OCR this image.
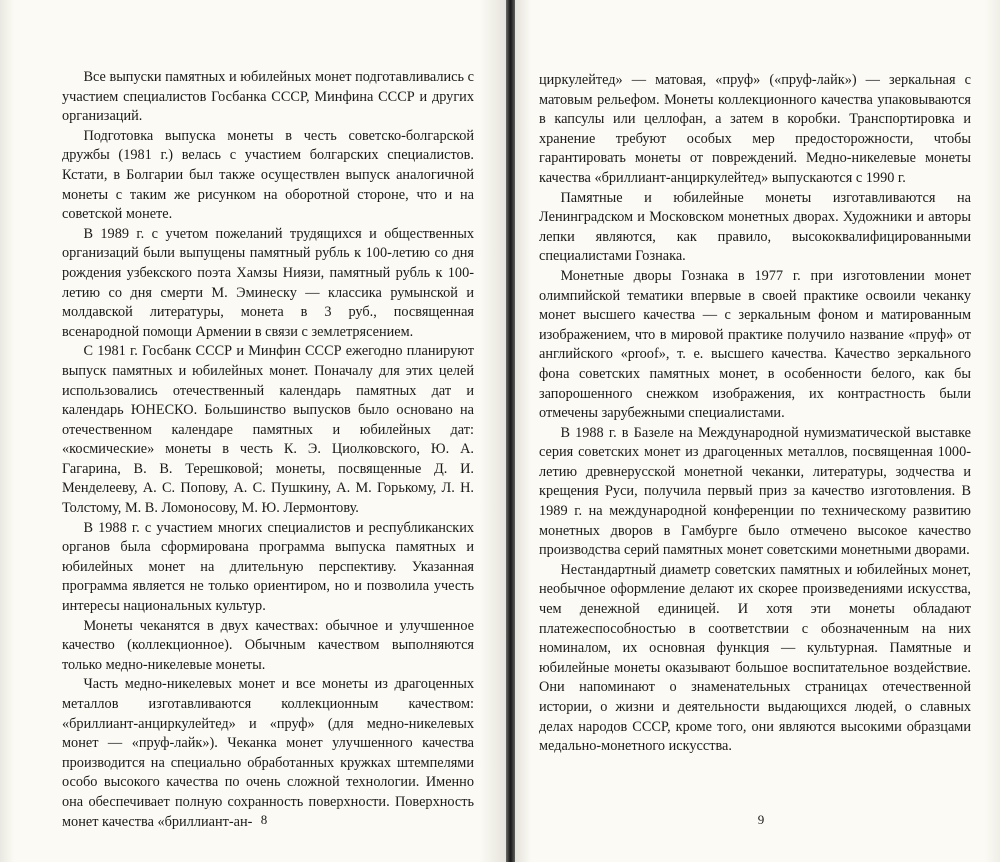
Все выпуски памятных и юбилейных монет подготавливались с участием специалистов Госбанка СССР, Минфина СССР и других организаций.

Подготовка выпуска монеты в честь советско-болгарской дружбы (1981 г.) велась с участием болгарских специалистов. Кстати, в Болгарии был также осуществлен выпуск аналогичной монеты с таким же рисунком на оборотной стороне, что и на советской монете.

В 1989 г. с учетом пожеланий трудящихся и общественных организаций были выпущены памятный рубль к 100-летию со дня рождения узбекского поэта Хамзы Ниязи, памятный рубль к 100-летию со дня смерти М. Эминеску — классика румынской и молдавской литературы, монета в 3 руб., посвященная всенародной помощи Армении в связи с землетрясением.

С 1981 г. Госбанк СССР и Минфин СССР ежегодно планируют выпуск памятных и юбилейных монет. Поначалу для этих целей использовались отечественный календарь памятных дат и календарь ЮНЕСКО. Большинство выпусков было основано на отечественном календаре памятных и юбилейных дат: «космические» монеты в честь К. Э. Циолковского, Ю. А. Гагарина, В. В. Терешковой; монеты, посвященные Д. И. Менделееву, А. С. Попову, А. С. Пушкину, А. М. Горькому, Л. Н. Толстому, М. В. Ломоносову, М. Ю. Лермонтову.

В 1988 г. с участием многих специалистов и республиканских органов была сформирована программа выпуска памятных и юбилейных монет на длительную перспективу. Указанная программа является не только ориентиром, но и позволила учесть интересы национальных культур.

Монеты чеканятся в двух качествах: обычное и улучшенное качество (коллекционное). Обычным качеством выполняются только медно-никелевые монеты.

Часть медно-никелевых монет и все монеты из драгоценных металлов изготавливаются коллекционным качеством: «бриллиант-анциркулейтед» и «пруф» (для медно-никелевых монет — «пруф-лайк»). Чеканка монет улучшенного качества производится на специально обработанных кружках штемпелями особо высокого качества по очень сложной технологии. Именно она обеспечивает полную сохранность поверхности. Поверхность монет качества «бриллиант-ан- 8

циркулейтед» — матовая, «пруф» («пруф-лайк») — зеркальная с матовым рельефом. Монеты коллекционного качества упаковываются в капсулы или целлофан, а затем в коробки. Транспортировка и хранение требуют особых мер предосторожности, чтобы гарантировать монеты от повреждений. Медно-никелевые монеты качества «бриллиант-анциркулейтед» выпускаются с 1990 г.

Памятные и юбилейные монеты изготавливаются на Ленинградском и Московском монетных дворах. Художники и авторы лепки являются, как правило, высококвалифицированными специалистами Гознака.

Монетные дворы Гознака в 1977 г. при изготовлении монет олимпийской тематики впервые в своей практике освоили чеканку монет высшего качества — с зеркальным фоном и матированным изображением, что в мировой практике получило название «пруф» от английского «proof», т. е. высшего качества. Качество зеркального фона советских памятных монет, в особенности белого, как бы запорошенного снежком изображения, их контрастность были отмечены зарубежными специалистами.

В 1988 г. в Базеле на Международной нумизматической выставке серия советских монет из драгоценных металлов, посвященная 1000-летию древнерусской монетной чеканки, литературы, зодчества и крещения Руси, получила первый приз за качество изготовления. В 1989 г. на международной конференции по техническому развитию монетных дворов в Гамбурге было отмечено высокое качество производства серий памятных монет советскими монетными дворами.

Нестандартный диаметр советских памятных и юбилейных монет, необычное оформление делают их скорее произведениями искусства, чем денежной единицей. И хотя эти монеты обладают платежеспособностью в соответствии с обозначенным на них номиналом, их основная функция — культурная. Памятные и юбилейные монеты оказывают большое воспитательное воздействие. Они напоминают о знаменательных страницах отечественной истории, о жизни и деятельности выдающихся людей, о славных делах народов СССР, кроме того, они являются высокими образцами медально-монетного искусства.

9
